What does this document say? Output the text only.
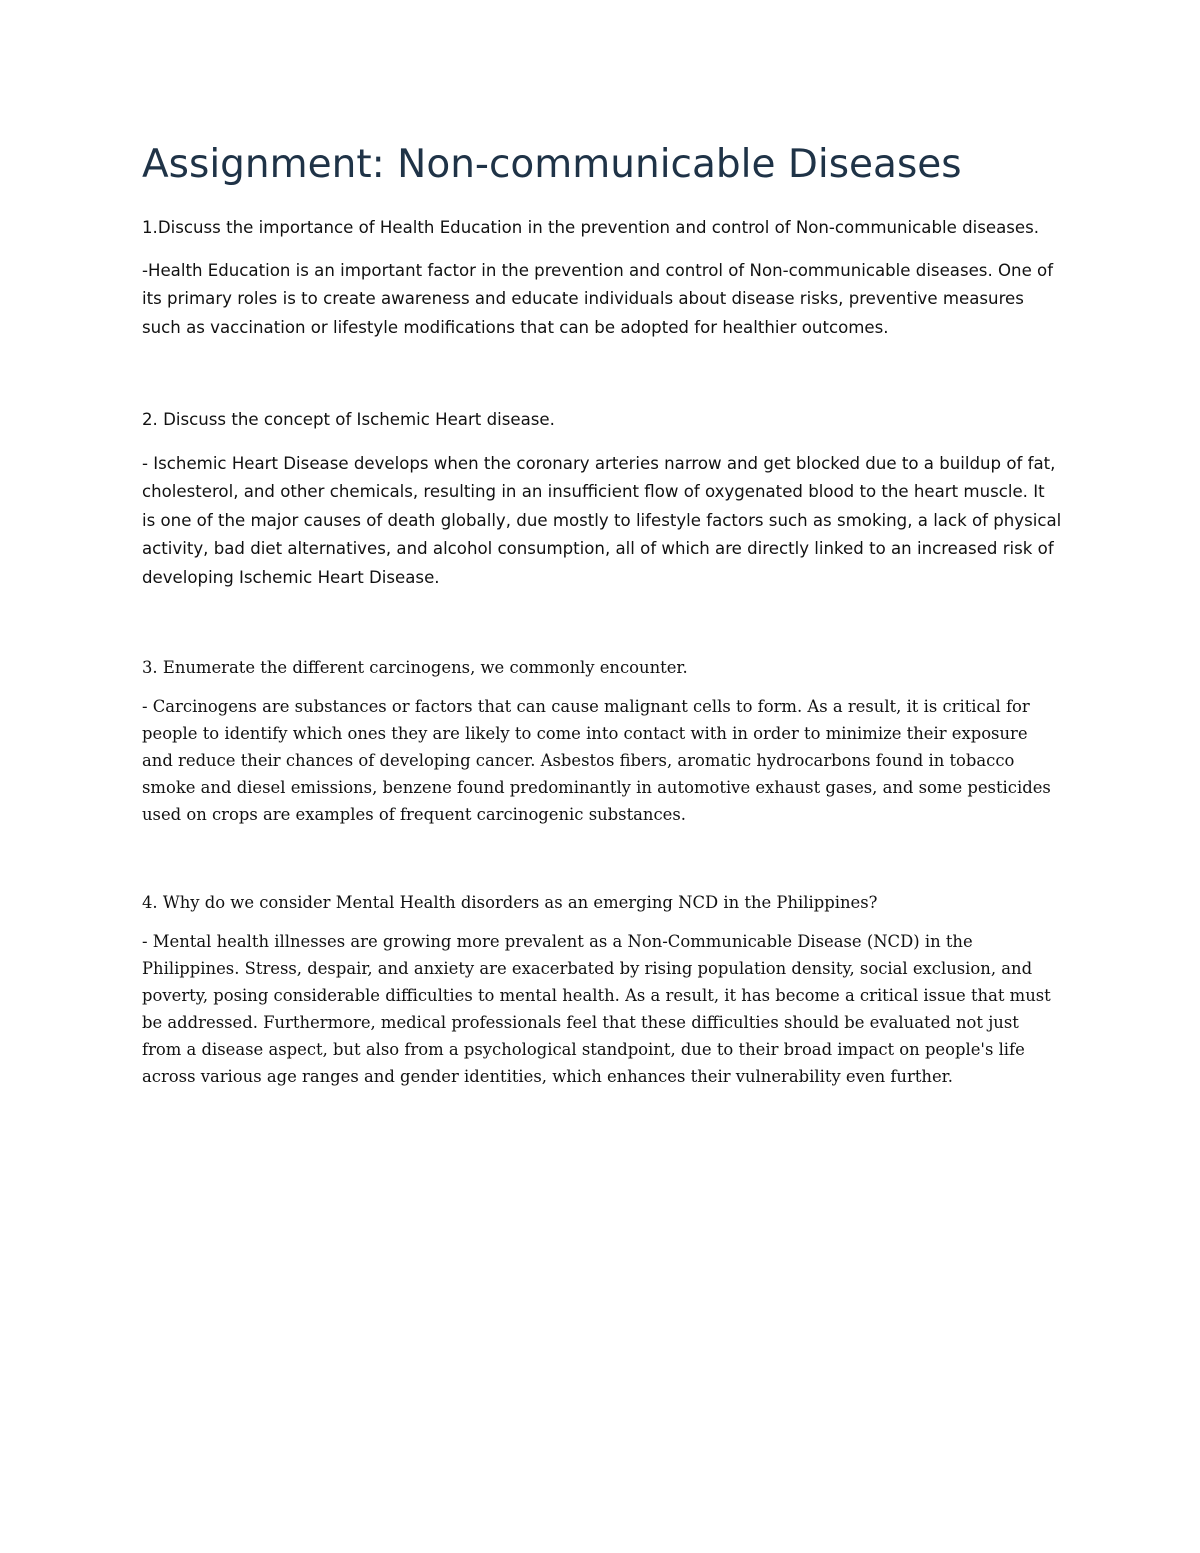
Assignment: Non-communicable Diseases

1.Discuss the importance of Health Education in the prevention and control of Non-communicable diseases.

-Health Education is an important factor in the prevention and control of Non-communicable diseases. One of its primary roles is to create awareness and educate individuals about disease risks, preventive measures such as vaccination or lifestyle modifications that can be adopted for healthier outcomes.

2. Discuss the concept of Ischemic Heart disease.

- Ischemic Heart Disease develops when the coronary arteries narrow and get blocked due to a buildup of fat, cholesterol, and other chemicals, resulting in an insufficient flow of oxygenated blood to the heart muscle. It is one of the major causes of death globally, due mostly to lifestyle factors such as smoking, a lack of physical activity, bad diet alternatives, and alcohol consumption, all of which are directly linked to an increased risk of developing Ischemic Heart Disease.

3. Enumerate the different carcinogens, we commonly encounter.

- Carcinogens are substances or factors that can cause malignant cells to form. As a result, it is critical for people to identify which ones they are likely to come into contact with in order to minimize their exposure and reduce their chances of developing cancer. Asbestos fibers, aromatic hydrocarbons found in tobacco smoke and diesel emissions, benzene found predominantly in automotive exhaust gases, and some pesticides used on crops are examples of frequent carcinogenic substances.

4. Why do we consider Mental Health disorders as an emerging NCD in the Philippines?

- Mental health illnesses are growing more prevalent as a Non-Communicable Disease (NCD) in the Philippines. Stress, despair, and anxiety are exacerbated by rising population density, social exclusion, and poverty, posing considerable difficulties to mental health. As a result, it has become a critical issue that must be addressed. Furthermore, medical professionals feel that these difficulties should be evaluated not just from a disease aspect, but also from a psychological standpoint, due to their broad impact on people's life across various age ranges and gender identities, which enhances their vulnerability even further.
